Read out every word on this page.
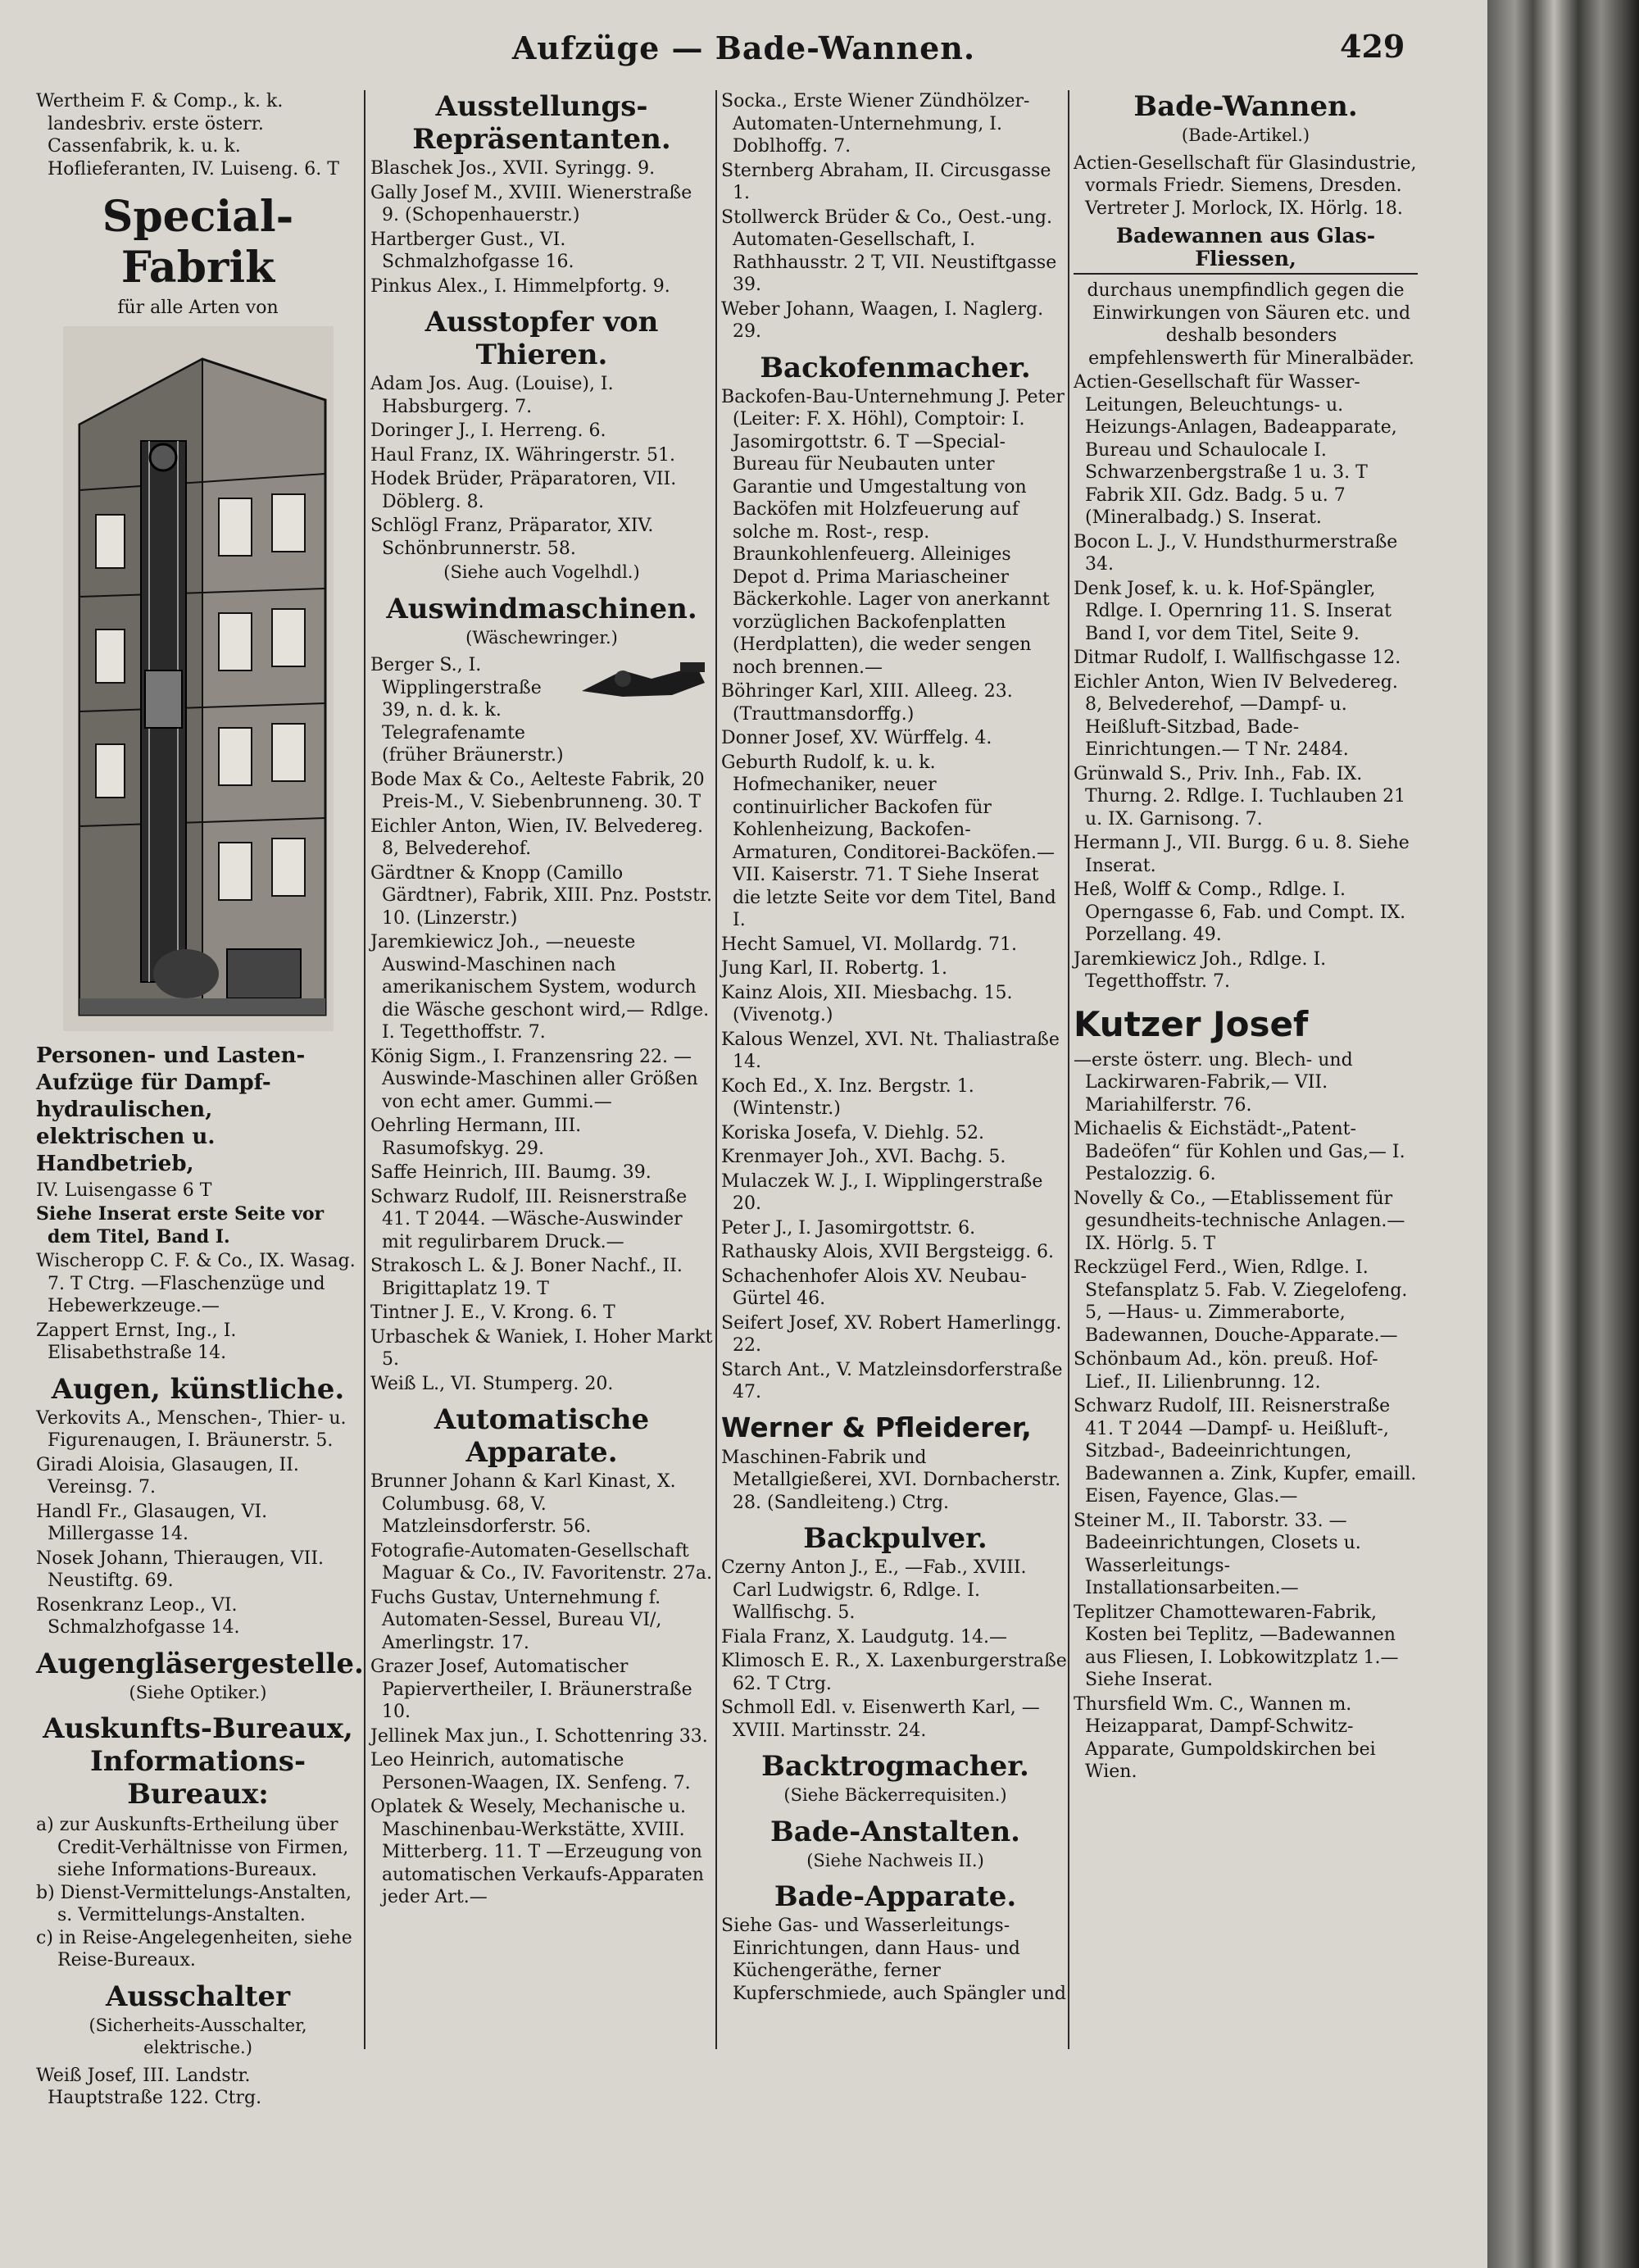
Aufzüge — Bade-Wannen.	429
Wertheim F. & Comp., k. k. landesbriv. erste österr. Cassenfabrik, k. u. k. Hoflieferanten, IV. Luiseng. 6. T
Special-Fabrik
für alle Arten von
Personen- und Lasten-Aufzüge für Dampf-hydraulischen, elektrischen u. Handbetrieb,
IV. Luisengasse 6 T
Siehe Inserat erste Seite vor dem Titel, Band I.
Wischeropp C. F. & Co., IX. Wasag. 7. T Ctrg. —Flaschenzüge und Hebewerkzeuge.—
Zappert Ernst, Ing., I. Elisabethstraße 14.
Augen, künstliche.
Verkovits A., Menschen-, Thier- u. Figurenaugen, I. Bräunerstr. 5.
Giradi Aloisia, Glasaugen, II. Vereinsg. 7.
Handl Fr., Glasaugen, VI. Millergasse 14.
Nosek Johann, Thieraugen, VII. Neustiftg. 69.
Rosenkranz Leop., VI. Schmalzhofgasse 14.
Augengläsergestelle.
(Siehe Optiker.)
Auskunfts-Bureaux, Informations-Bureaux:
a) zur Auskunfts-Ertheilung über Credit-Verhältnisse von Firmen, siehe Informations-Bureaux.
b) Dienst-Vermittelungs-Anstalten, s. Vermittelungs-Anstalten.
c) in Reise-Angelegenheiten, siehe Reise-Bureaux.
Ausschalter
(Sicherheits-Ausschalter, elektrische.)
Weiß Josef, III. Landstr. Hauptstraße 122. Ctrg.
Ausstellungs-Repräsentanten.
Blaschek Jos., XVII. Syringg. 9.
Gally Josef M., XVIII. Wienerstraße 9. (Schopenhauerstr.)
Hartberger Gust., VI. Schmalzhofgasse 16.
Pinkus Alex., I. Himmelpfortg. 9.
Ausstopfer von Thieren.
Adam Jos. Aug. (Louise), I. Habsburgerg. 7.
Doringer J., I. Herreng. 6.
Haul Franz, IX. Währingerstr. 51.
Hodek Brüder, Präparatoren, VII. Döblerg. 8.
Schlögl Franz, Präparator, XIV. Schönbrunnerstr. 58.
(Siehe auch Vogelhdl.)
Auswindmaschinen.
(Wäschewringer.)
Berger S., I. Wipplingerstraße 39, n. d. k. k. Telegrafenamte (früher Bräunerstr.)
Bode Max & Co., Aelteste Fabrik, 20 Preis-M., V. Siebenbrunneng. 30. T
Eichler Anton, Wien, IV. Belvedereg. 8, Belvederehof.
Gärdtner & Knopp (Camillo Gärdtner), Fabrik, XIII. Pnz. Poststr. 10. (Linzerstr.)
Jaremkiewicz Joh., —neueste Auswind-Maschinen nach amerikanischem System, wodurch die Wäsche geschont wird,— Rdlge. I. Tegetthoffstr. 7.
König Sigm., I. Franzensring 22. —Auswinde-Maschinen aller Größen von echt amer. Gummi.—
Oehrling Hermann, III. Rasumofskyg. 29.
Saffe Heinrich, III. Baumg. 39.
Schwarz Rudolf, III. Reisnerstraße 41. T 2044. —Wäsche-Auswinder mit regulirbarem Druck.—
Strakosch L. & J. Boner Nachf., II. Brigittaplatz 19. T
Tintner J. E., V. Krong. 6. T
Urbaschek & Waniek, I. Hoher Markt 5.
Weiß L., VI. Stumperg. 20.
Automatische Apparate.
Brunner Johann & Karl Kinast, X. Columbusg. 68, V. Matzleinsdorferstr. 56.
Fotografie-Automaten-Gesellschaft Maguar & Co., IV. Favoritenstr. 27a.
Fuchs Gustav, Unternehmung f. Automaten-Sessel, Bureau VI/, Amerlingstr. 17.
Grazer Josef, Automatischer Papiervertheiler, I. Bräunerstraße 10.
Jellinek Max jun., I. Schottenring 33.
Leo Heinrich, automatische Personen-Waagen, IX. Senfeng. 7.
Oplatek & Wesely, Mechanische u. Maschinenbau-Werkstätte, XVIII. Mitterberg. 11. T —Erzeugung von automatischen Verkaufs-Apparaten jeder Art.—
Socka., Erste Wiener Zündhölzer-Automaten-Unternehmung, I. Doblhoffg. 7.
Sternberg Abraham, II. Circusgasse 1.
Stollwerck Brüder & Co., Oest.-ung. Automaten-Gesellschaft, I. Rathhausstr. 2 T, VII. Neustiftgasse 39.
Weber Johann, Waagen, I. Naglerg. 29.
Backofenmacher.
Backofen-Bau-Unternehmung J. Peter (Leiter: F. X. Höhl), Comptoir: I. Jasomirgottstr. 6. T —Special-Bureau für Neubauten unter Garantie und Umgestaltung von Backöfen mit Holzfeuerung auf solche m. Rost-, resp. Braunkohlenfeuerg. Alleiniges Depot d. Prima Mariascheiner Bäckerkohle. Lager von anerkannt vorzüglichen Backofenplatten (Herdplatten), die weder sengen noch brennen.—
Böhringer Karl, XIII. Alleeg. 23. (Trauttmansdorffg.)
Donner Josef, XV. Würffelg. 4.
Geburth Rudolf, k. u. k. Hofmechaniker, neuer continuirlicher Backofen für Kohlenheizung, Backofen-Armaturen, Conditorei-Backöfen.— VII. Kaiserstr. 71. T Siehe Inserat die letzte Seite vor dem Titel, Band I.
Hecht Samuel, VI. Mollardg. 71.
Jung Karl, II. Robertg. 1.
Kainz Alois, XII. Miesbachg. 15. (Vivenotg.)
Kalous Wenzel, XVI. Nt. Thaliastraße 14.
Koch Ed., X. Inz. Bergstr. 1. (Wintenstr.)
Koriska Josefa, V. Diehlg. 52.
Krenmayer Joh., XVI. Bachg. 5.
Mulaczek W. J., I. Wipplingerstraße 20.
Peter J., I. Jasomirgottstr. 6.
Rathausky Alois, XVII Bergsteigg. 6.
Schachenhofer Alois XV. Neubau-Gürtel 46.
Seifert Josef, XV. Robert Hamerlingg. 22.
Starch Ant., V. Matzleinsdorferstraße 47.
Werner & Pfleiderer,
Maschinen-Fabrik und Metallgießerei, XVI. Dornbacherstr. 28. (Sandleiteng.) Ctrg.
Backpulver.
Czerny Anton J., E., —Fab., XVIII. Carl Ludwigstr. 6, Rdlge. I. Wallfischg. 5.
Fiala Franz, X. Laudgutg. 14.—
Klimosch E. R., X. Laxenburgerstraße 62. T Ctrg.
Schmoll Edl. v. Eisenwerth Karl, —XVIII. Martinsstr. 24.
Backtrogmacher.
(Siehe Bäckerrequisiten.)
Bade-Anstalten.
(Siehe Nachweis II.)
Bade-Apparate.
Siehe Gas- und Wasserleitungs-Einrichtungen, dann Haus- und Küchengeräthe, ferner Kupferschmiede, auch Spängler und
Bade-Wannen.
(Bade-Artikel.)
Actien-Gesellschaft für Glasindustrie, vormals Friedr. Siemens, Dresden. Vertreter J. Morlock, IX. Hörlg. 18.
Badewannen aus Glas-Fliessen,
durchaus unempfindlich gegen die Einwirkungen von Säuren etc. und deshalb besonders empfehlenswerth für Mineralbäder.
Actien-Gesellschaft für Wasser-Leitungen, Beleuchtungs- u. Heizungs-Anlagen, Badeapparate, Bureau und Schaulocale I. Schwarzenbergstraße 1 u. 3. T Fabrik XII. Gdz. Badg. 5 u. 7 (Mineralbadg.) S. Inserat.
Bocon L. J., V. Hundsthurmerstraße 34.
Denk Josef, k. u. k. Hof-Spängler, Rdlge. I. Opernring 11. S. Inserat Band I, vor dem Titel, Seite 9.
Ditmar Rudolf, I. Wallfischgasse 12.
Eichler Anton, Wien IV Belvedereg. 8, Belvederehof, —Dampf- u. Heißluft-Sitzbad, Bade-Einrichtungen.— T Nr. 2484.
Grünwald S., Priv. Inh., Fab. IX. Thurng. 2. Rdlge. I. Tuchlauben 21 u. IX. Garnisong. 7.
Hermann J., VII. Burgg. 6 u. 8. Siehe Inserat.
Heß, Wolff & Comp., Rdlge. I. Operngasse 6, Fab. und Compt. IX. Porzellang. 49.
Jaremkiewicz Joh., Rdlge. I. Tegetthoffstr. 7.
Kutzer Josef
—erste österr. ung. Blech- und Lackirwaren-Fabrik,— VII. Mariahilferstr. 76.
Michaelis & Eichstädt-„Patent-Badeöfen“ für Kohlen und Gas,— I. Pestalozzig. 6.
Novelly & Co., —Etablissement für gesundheits-technische Anlagen.— IX. Hörlg. 5. T
Reckzügel Ferd., Wien, Rdlge. I. Stefansplatz 5. Fab. V. Ziegelofeng. 5, —Haus- u. Zimmerabortе, Badewannen, Douche-Apparate.—
Schönbaum Ad., kön. preuß. Hof-Lief., II. Lilienbrunng. 12.
Schwarz Rudolf, III. Reisnerstraße 41. T 2044 —Dampf- u. Heißluft-, Sitzbad-, Badeeinrichtungen, Badewannen a. Zink, Kupfer, emaill. Eisen, Fayence, Glas.—
Steiner M., II. Taborstr. 33. —Badeeinrichtungen, Closets u. Wasserleitungs-Installationsarbeiten.—
Teplitzer Chamottewaren-Fabrik, Kosten bei Teplitz, —Badewannen aus Fliesen, I. Lobkowitzplatz 1.— Siehe Inserat.
Thursfield Wm. C., Wannen m. Heizapparat, Dampf-Schwitz-Apparate, Gumpoldskirchen bei Wien.
